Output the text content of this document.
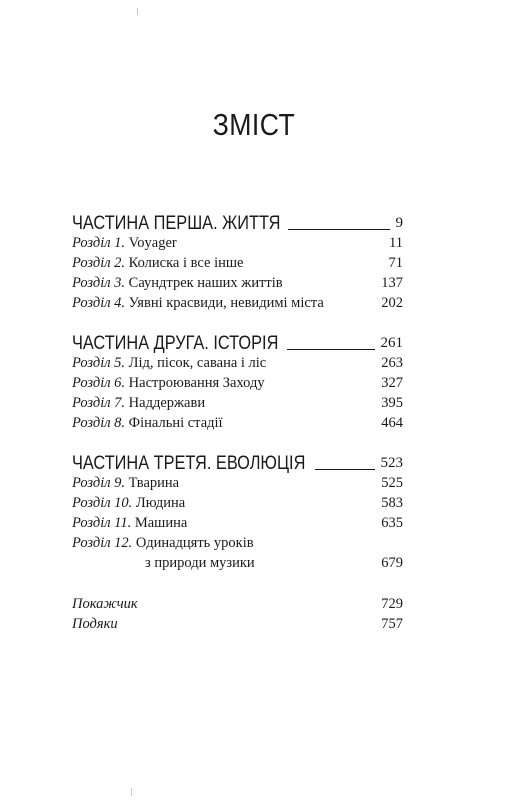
ЗМІСТ
ЧАСТИНА ПЕРША. ЖИТТЯ	9
Розділ 1. Voyager	11
Розділ 2. Колиска і все інше	71
Розділ 3. Саундтрек наших життів	137
Розділ 4. Уявні красвиди, невидимі міста	202
ЧАСТИНА ДРУГА. ІСТОРІЯ	261
Розділ 5. Лід, пісок, савана і ліс	263
Розділ 6. Настроювання Заходу	327
Розділ 7. Наддержави	395
Розділ 8. Фінальні стадії	464
ЧАСТИНА ТРЕТЯ. ЕВОЛЮЦІЯ	523
Розділ 9. Тварина	525
Розділ 10. Людина	583
Розділ 11. Машина	635
Розділ 12. Одинадцять уроків
з природи музики	679
Покажчик	729
Подяки	757
